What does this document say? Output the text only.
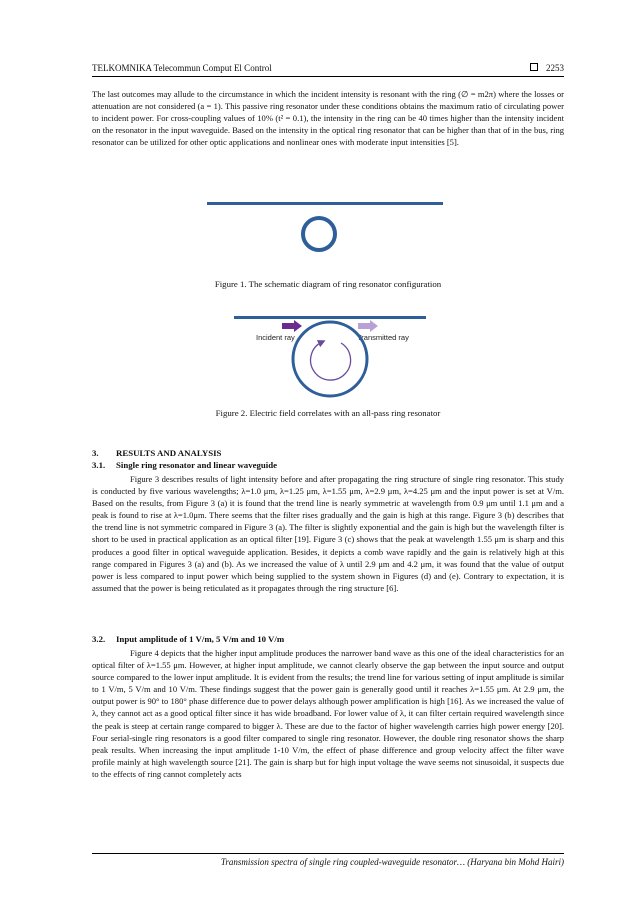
TELKOMNIKA Telecommun Comput El Control	2253

The last outcomes may allude to the circumstance in which the incident intensity is resonant with the ring (∅ = m2π) where the losses or attenuation are not considered (a = 1). This passive ring resonator under these conditions obtains the maximum ratio of circulating power to incident power. For cross-coupling values of 10% (t² = 0.1), the intensity in the ring can be 40 times higher than the intensity incident on the resonator in the input waveguide. Based on the intensity in the optical ring resonator that can be higher than that of in the bus, ring resonator can be utilized for other optic applications and nonlinear ones with moderate input intensities [5].

Figure 1. The schematic diagram of ring resonator configuration
Incident ray	Transmitted ray
Figure 2. Electric field correlates with an all-pass ring resonator
3. RESULTS AND ANALYSIS
3.1. Single ring resonator and linear waveguide

Figure 3 describes results of light intensity before and after propagating the ring structure of single ring resonator. This study is conducted by five various wavelengths; λ=1.0 μm, λ=1.25 μm, λ=1.55 μm, λ=2.9 μm, λ=4.25 μm and the input power is set at V/m. Based on the results, from Figure 3 (a) it is found that the trend line is nearly symmetric at wavelength from 0.9 μm until 1.1 μm and a peak is found to rise at λ=1.0μm. There seems that the filter rises gradually and the gain is high at this range. Figure 3 (b) describes that the trend line is not symmetric compared in Figure 3 (a). The filter is slightly exponential and the gain is high but the wavelength filter is short to be used in practical application as an optical filter [19]. Figure 3 (c) shows that the peak at wavelength 1.55 μm is sharp and this produces a good filter in optical waveguide application. Besides, it depicts a comb wave rapidly and the gain is relatively high at this range compared in Figures 3 (a) and (b). As we increased the value of λ until 2.9 μm and 4.2 μm, it was found that the value of output power is less compared to input power which being supplied to the system shown in Figures (d) and (e). Contrary to expectation, it is assumed that the power is being reticulated as it propagates through the ring structure [6].

3.2. Input amplitude of 1 V/m, 5 V/m and 10 V/m

Figure 4 depicts that the higher input amplitude produces the narrower band wave as this one of the ideal characteristics for an optical filter of λ=1.55 μm. However, at higher input amplitude, we cannot clearly observe the gap between the input source and output source compared to the lower input amplitude. It is evident from the results; the trend line for various setting of input amplitude is similar to 1 V/m, 5 V/m and 10 V/m. These findings suggest that the power gain is generally good until it reaches λ=1.55 μm. At 2.9 μm, the output power is 90° to 180° phase difference due to power delays although power amplification is high [16]. As we increased the value of λ, they cannot act as a good optical filter since it has wide broadband. For lower value of λ, it can filter certain required wavelength since the peak is steep at certain range compared to bigger λ. These are due to the factor of higher wavelength carries high power energy [20]. Four serial-single ring resonators is a good filter compared to single ring resonator. However, the double ring resonator shows the sharp peak results. When increasing the input amplitude 1-10 V/m, the effect of phase difference and group velocity affect the filter wave profile mainly at high wavelength source [21]. The gain is sharp but for high input voltage the wave seems not sinusoidal, it suspects due to the effects of ring cannot completely acts

Transmission spectra of single ring coupled-waveguide resonator… (Haryana bin Mohd Hairi)
